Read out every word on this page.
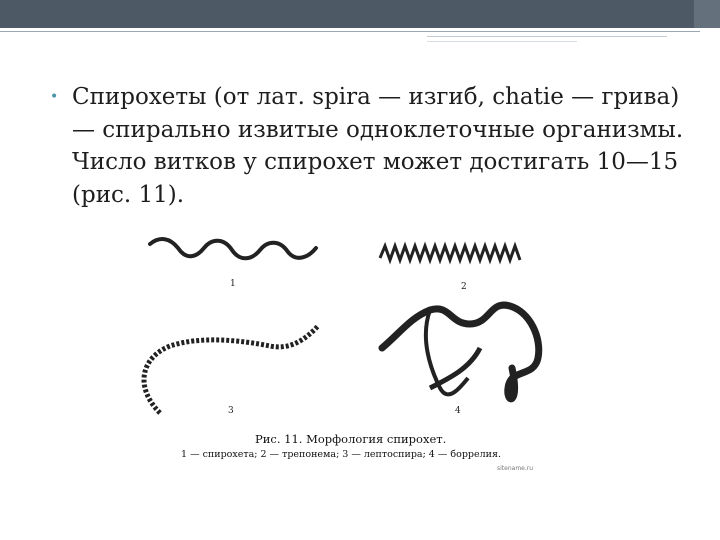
• Спирохеты (от лат. spira — изгиб, chatie — грива) — спирально извитые одноклеточные организмы. Число витков у спирохет может достигать 10—15 (рис. 11).
1	2
3	4
Рис. 11. Морфология спирохет.
1 — спирохета; 2 — трепонема; 3 — лептоспира; 4 — боррелия.
sitename.ru
